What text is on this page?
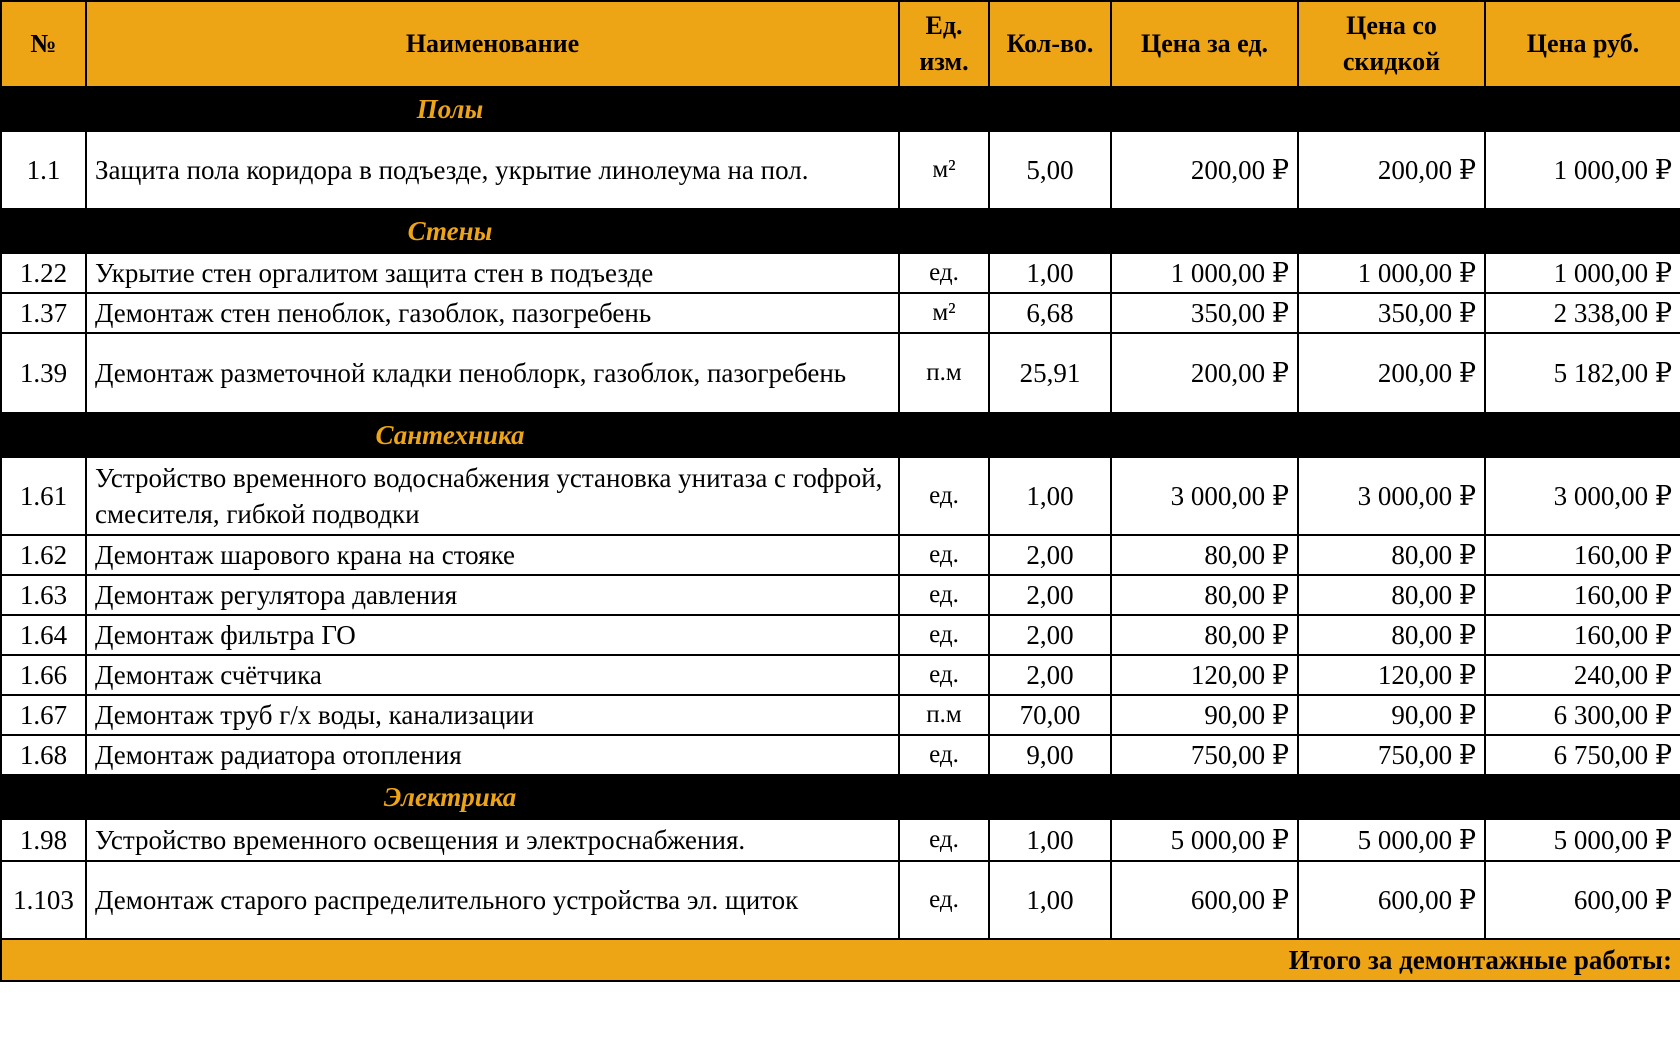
№	Наименование	Ед. изм.	Кол-во.	Цена за ед.	Цена со скидкой	Цена руб.
Полы						
1.1	Защита пола коридора в подъезде, укрытие линолеума на пол.	м²	5,00	200,00 ₽	200,00 ₽	1 000,00 ₽
Стены						
1.22	Укрытие стен оргалитом защита стен в подъезде	ед.	1,00	1 000,00 ₽	1 000,00 ₽	1 000,00 ₽
1.37	Демонтаж стен пеноблок, газоблок, пазогребень	м²	6,68	350,00 ₽	350,00 ₽	2 338,00 ₽
1.39	Демонтаж разметочной кладки пеноблорк, газоблок, пазогребень	п.м	25,91	200,00 ₽	200,00 ₽	5 182,00 ₽
Сантехника						
1.61	Устройство временного водоснабжения установка унитаза с гофрой, смесителя, гибкой подводки	ед.	1,00	3 000,00 ₽	3 000,00 ₽	3 000,00 ₽
1.62	Демонтаж шарового крана на стояке	ед.	2,00	80,00 ₽	80,00 ₽	160,00 ₽
1.63	Демонтаж регулятора давления	ед.	2,00	80,00 ₽	80,00 ₽	160,00 ₽
1.64	Демонтаж фильтра ГО	ед.	2,00	80,00 ₽	80,00 ₽	160,00 ₽
1.66	Демонтаж счётчика	ед.	2,00	120,00 ₽	120,00 ₽	240,00 ₽
1.67	Демонтаж труб г/х воды, канализации	п.м	70,00	90,00 ₽	90,00 ₽	6 300,00 ₽
1.68	Демонтаж радиатора отопления	ед.	9,00	750,00 ₽	750,00 ₽	6 750,00 ₽
Электрика						
1.98	Устройство временного освещения и электроснабжения.	ед.	1,00	5 000,00 ₽	5 000,00 ₽	5 000,00 ₽
1.103	Демонтаж старого распределительного устройства эл. щиток	ед.	1,00	600,00 ₽	600,00 ₽	600,00 ₽
Итого за демонтажные работы:						
